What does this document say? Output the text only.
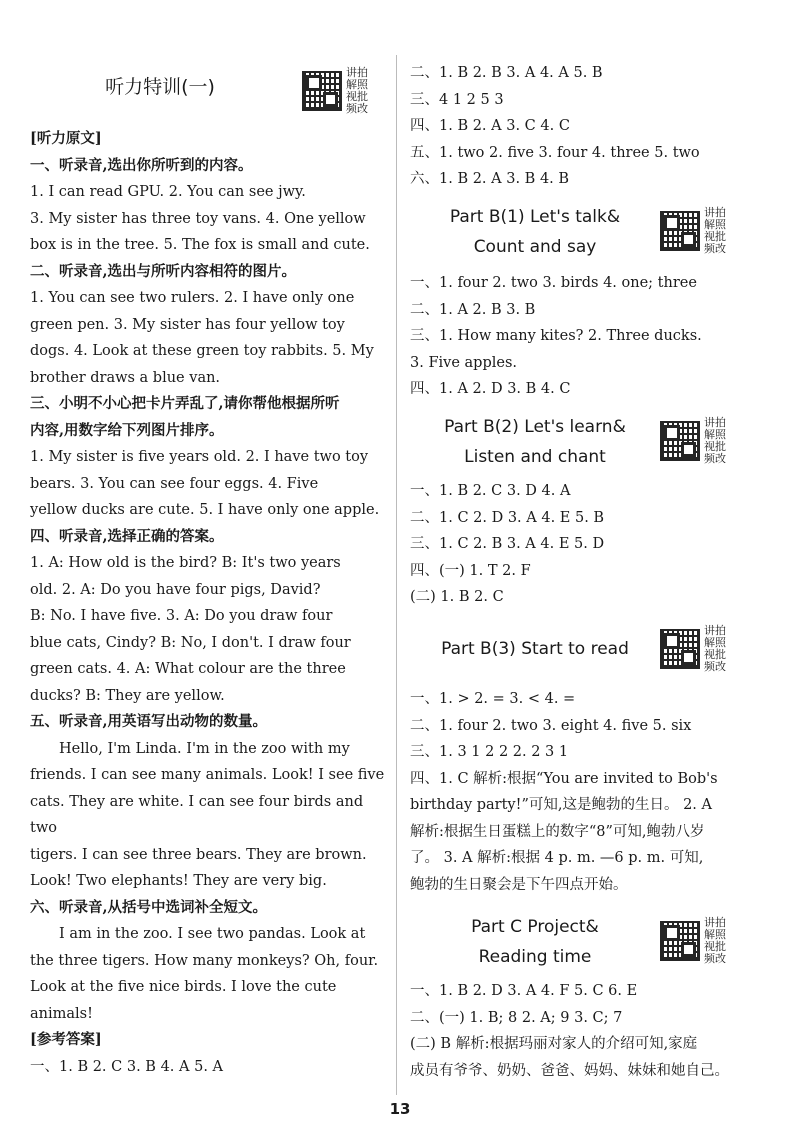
听力特训(一)
讲 拍
解 照
视 批
频 改

[听力原文]

一、听录音,选出你所听到的内容。

1. I can read GPU. 2. You can see jwy.

3. My sister has three toy vans. 4. One yellow

box is in the tree. 5. The fox is small and cute.

二、听录音,选出与所听内容相符的图片。

1. You can see two rulers. 2. I have only one

green pen. 3. My sister has four yellow toy

dogs. 4. Look at these green toy rabbits. 5. My

brother draws a blue van.

三、小明不小心把卡片弄乱了,请你帮他根据所听

内容,用数字给下列图片排序。

1. My sister is five years old. 2. I have two toy

bears. 3. You can see four eggs. 4. Five

yellow ducks are cute. 5. I have only one apple.

四、听录音,选择正确的答案。

1. A: How old is the bird? B: It's two years

old. 2. A: Do you have four pigs, David?

B: No. I have five. 3. A: Do you draw four

blue cats, Cindy? B: No, I don't. I draw four

green cats. 4. A: What colour are the three

ducks? B: They are yellow.

五、听录音,用英语写出动物的数量。

Hello, I'm Linda. I'm in the zoo with my

friends. I can see many animals. Look! I see five

cats. They are white. I can see four birds and two

tigers. I can see three bears. They are brown.

Look! Two elephants! They are very big.

六、听录音,从括号中选词补全短文。

I am in the zoo. I see two pandas. Look at

the three tigers. How many monkeys? Oh, four.

Look at the five nice birds. I love the cute

animals!

[参考答案]

一、1. B 2. C 3. B 4. A 5. A

二、1. B 2. B 3. A 4. A 5. B

三、4 1 2 5 3

四、1. B 2. A 3. C 4. C

五、1. two 2. five 3. four 4. three 5. two

六、1. B 2. A 3. B 4. B

Part B(1) Let's talk&
Count and say
讲 拍
解 照
视 批
频 改

一、1. four 2. two 3. birds 4. one; three

二、1. A 2. B 3. B

三、1. How many kites? 2. Three ducks.

3. Five apples.

四、1. A 2. D 3. B 4. C

Part B(2) Let's learn&
Listen and chant
讲 拍
解 照
视 批
频 改

一、1. B 2. C 3. D 4. A

二、1. C 2. D 3. A 4. E 5. B

三、1. C 2. B 3. A 4. E 5. D

四、(一) 1. T 2. F

(二) 1. B 2. C

Part B(3) Start to read
讲 拍
解 照
视 批
频 改

一、1. > 2. = 3. < 4. =

二、1. four 2. two 3. eight 4. five 5. six

三、1. 3 1 2 2 2. 2 3 1

四、1. C 解析:根据“You are invited to Bob's

birthday party!”可知,这是鲍勃的生日。 2. A

解析:根据生日蛋糕上的数字“8”可知,鲍勃八岁

了。 3. A 解析:根据 4 p. m. —6 p. m. 可知,

鲍勃的生日聚会是下午四点开始。

Part C Project&
Reading time
讲 拍
解 照
视 批
频 改

一、1. B 2. D 3. A 4. F 5. C 6. E

二、(一) 1. B; 8 2. A; 9 3. C; 7

(二) B 解析:根据玛丽对家人的介绍可知,家庭

成员有爷爷、奶奶、爸爸、妈妈、妹妹和她自己。

13
